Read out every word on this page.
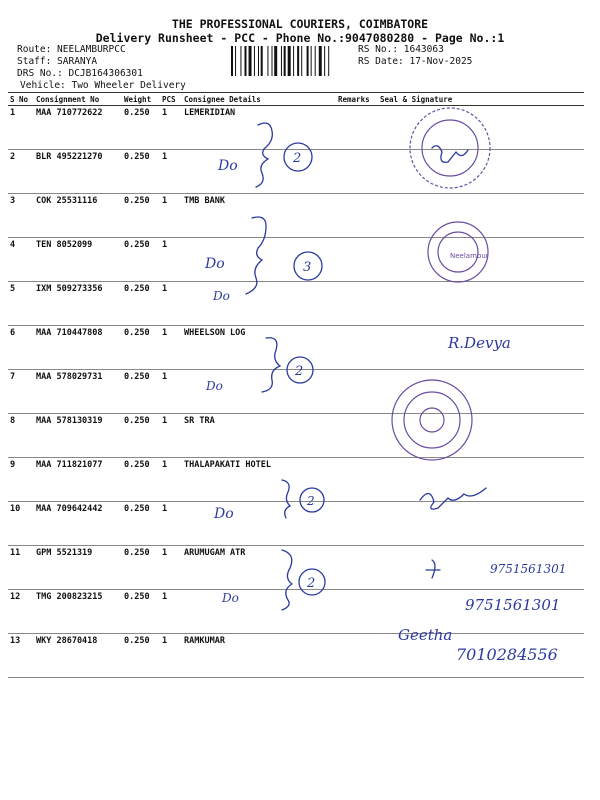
THE PROFESSIONAL COURIERS, COIMBATORE
Delivery Runsheet - PCC - Phone No.:9047080280 - Page No.:1
Route: NEELAMBURPCC
Staff: SARANYA
DRS No.: DCJB164306301
Vehicle: Two Wheeler Delivery
RS No.: 1643063
RS Date: 17-Nov-2025
S No	Consignment No	Weight	PCS	Consignee Details	Remarks	Seal & Signature
1	MAA 710772622	0.250	1	LEMERIDIAN		
2	BLR 495221270	0.250	1			
3	COK 25531116	0.250	1	TMB BANK		
4	TEN 8052099	0.250	1			
5	IXM 509273356	0.250	1			
6	MAA 710447808	0.250	1	WHEELSON LOG		
7	MAA 578029731	0.250	1			
8	MAA 578130319	0.250	1	SR TRA		
9	MAA 711821077	0.250	1	THALAPAKATI HOTEL		
10	MAA 709642442	0.250	1			
11	GPM 5521319	0.250	1	ARUMUGAM ATR		
12	TMG 200823215	0.250	1			
13	WKY 28670418	0.250	1	RAMKUMAR		
Do	2
Do	3
Do
2
Do
2
Do
2
Do
R.Devya
9751561301
9751561301
Geetha
7010284556
Neelambur
